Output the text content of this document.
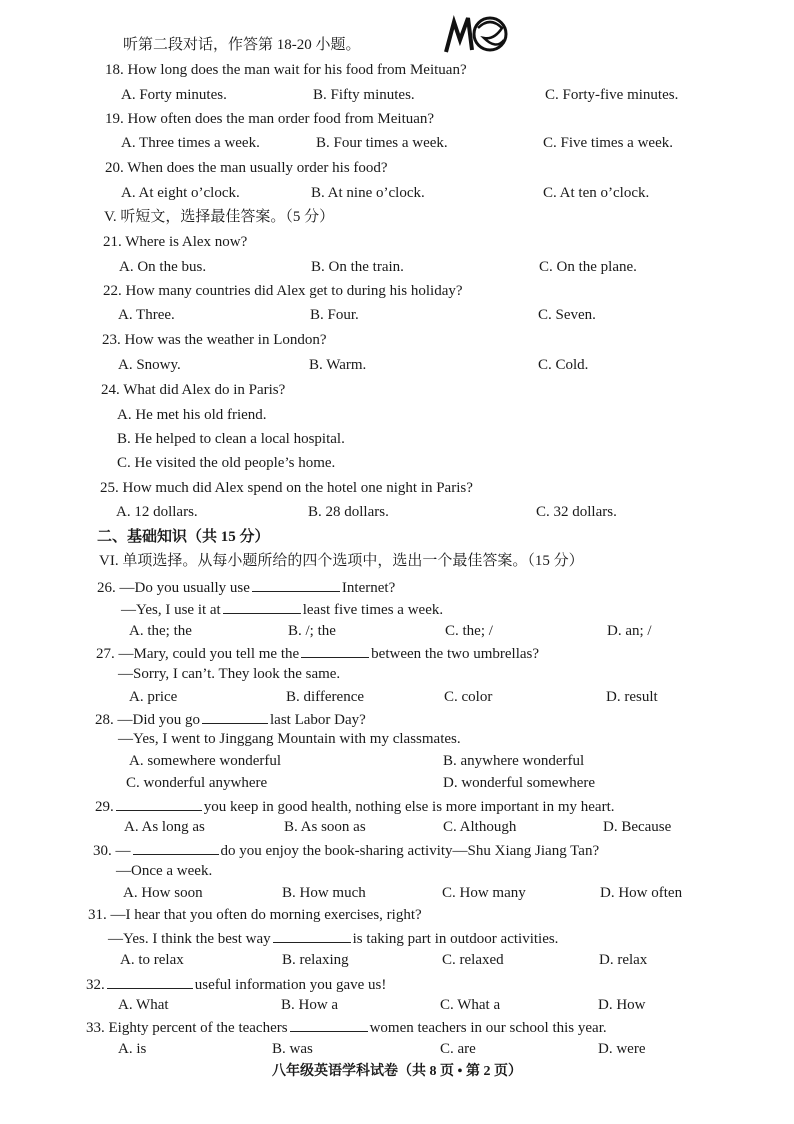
听第二段对话，作答第 18-20 小题。
18. How long does the man wait for his food from Meituan?
A. Forty minutes.	B. Fifty minutes.	C. Forty-five minutes.
19. How often does the man order food from Meituan?
A. Three times a week.	B. Four times a week.	C. Five times a week.
20. When does the man usually order his food?
A. At eight o’clock.	B. At nine o’clock.	C. At ten o’clock.
V. 听短文，选择最佳答案。（5 分）
21. Where is Alex now?
A. On the bus.	B. On the train.	C. On the plane.
22. How many countries did Alex get to during his holiday?
A. Three.	B. Four.	C. Seven.
23. How was the weather in London?
A. Snowy.	B. Warm.	C. Cold.
24. What did Alex do in Paris?
A. He met his old friend.
B. He helped to clean a local hospital.
C. He visited the old people’s home.
25. How much did Alex spend on the hotel one night in Paris?
A. 12 dollars.	B. 28 dollars.	C. 32 dollars.
二、基础知识（共 15 分）
VI. 单项选择。从每小题所给的四个选项中，选出一个最佳答案。（15 分）
26. —Do you usually use	Internet?
—Yes, I use it at	least five times a week.
A. the; the	B. /; the	C. the; /	D. an; /
27. —Mary, could you tell me the	between the two umbrellas?
—Sorry, I can’t. They look the same.
A. price	B. difference	C. color	D. result
28. —Did you go	last Labor Day?
—Yes, I went to Jinggang Mountain with my classmates.
A. somewhere wonderful	B. anywhere wonderful
C. wonderful anywhere	D. wonderful somewhere
29.	you keep in good health, nothing else is more important in my heart.
A. As long as	B. As soon as	C. Although	D. Because
30. —	do you enjoy the book-sharing activity—Shu Xiang Jiang Tan?
—Once a week.
A. How soon	B. How much	C. How many	D. How often
31. —I hear that you often do morning exercises, right?
—Yes. I think the best way	is taking part in outdoor activities.
A. to relax	B. relaxing	C. relaxed	D. relax
32.	useful information you gave us!
A. What	B. How a	C. What a	D. How
33. Eighty percent of the teachers	women teachers in our school this year.
A. is	B. was	C. are	D. were
八年级英语学科试卷（共 8 页 • 第 2 页）
